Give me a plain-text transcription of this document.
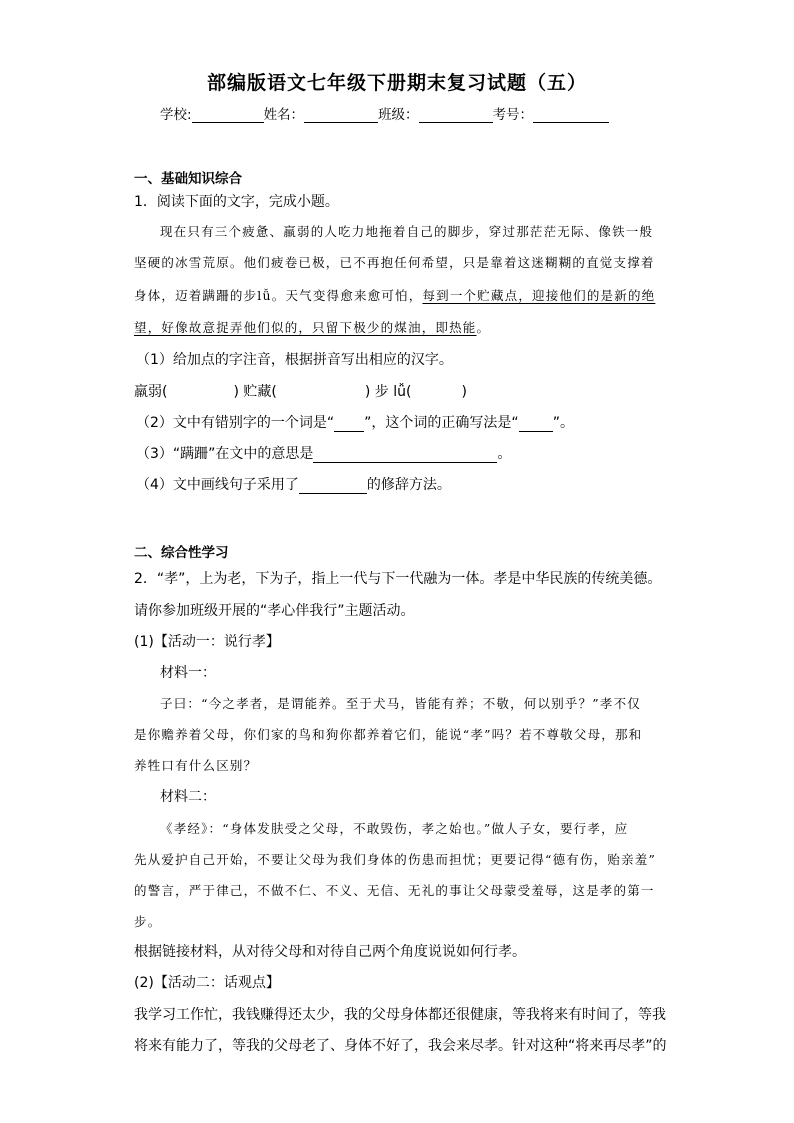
部编版语文七年级下册期末复习试题（五）
学校:	姓名：	班级：	考号：
一、基础知识综合
1．阅读下面的文字，完成小题。
现在只有三个疲惫、羸弱的人吃力地拖着自己的脚步，穿过那茫茫无际、像铁一般
坚硬的冰雪荒原。他们疲卷已极，已不再抱任何希望，只是靠着这迷糊糊的直觉支撑着
身体，迈着蹒跚的步lǚ。天气变得愈来愈可怕，每到一个贮藏点，迎接他们的是新的绝
望，好像故意捉弄他们似的，只留下极少的煤油，即热能。
（1）给加点的字注音，根据拼音写出相应的汉字。
羸弱(	) 贮藏(	) 步 lǚ(	)
（2）文中有错别字的一个词是“ ”，这个词的正确写法是“ ”。
（3）“蹒跚”在文中的意思是	。
（4）文中画线句子采用了	的修辞方法。
二、综合性学习
2．“孝”，上为老，下为子，指上一代与下一代融为一体。孝是中华民族的传统美德。
请你参加班级开展的“孝心伴我行”主题活动。
(1)【活动一：说行孝】
材料一：
子曰：“今之孝者，是谓能养。至于犬马，皆能有养；不敬，何以别乎？”孝不仅
是你赡养着父母，你们家的鸟和狗你都养着它们，能说“孝”吗？若不尊敬父母，那和
养牲口有什么区别？
材料二：
《孝经》：“身体发肤受之父母，不敢毁伤，孝之始也。”做人子女，要行孝，应
先从爱护自己开始，不要让父母为我们身体的伤患而担忧；更要记得“德有伤，贻亲羞”
的警言，严于律己，不做不仁、不义、无信、无礼的事让父母蒙受羞辱，这是孝的第一
步。
根据链接材料，从对待父母和对待自己两个角度说说如何行孝。
(2)【活动二：话观点】
我学习工作忙，我钱赚得还太少，我的父母身体都还很健康，等我将来有时间了，等我
将来有能力了，等我的父母老了、身体不好了，我会来尽孝。针对这种“将来再尽孝”的
